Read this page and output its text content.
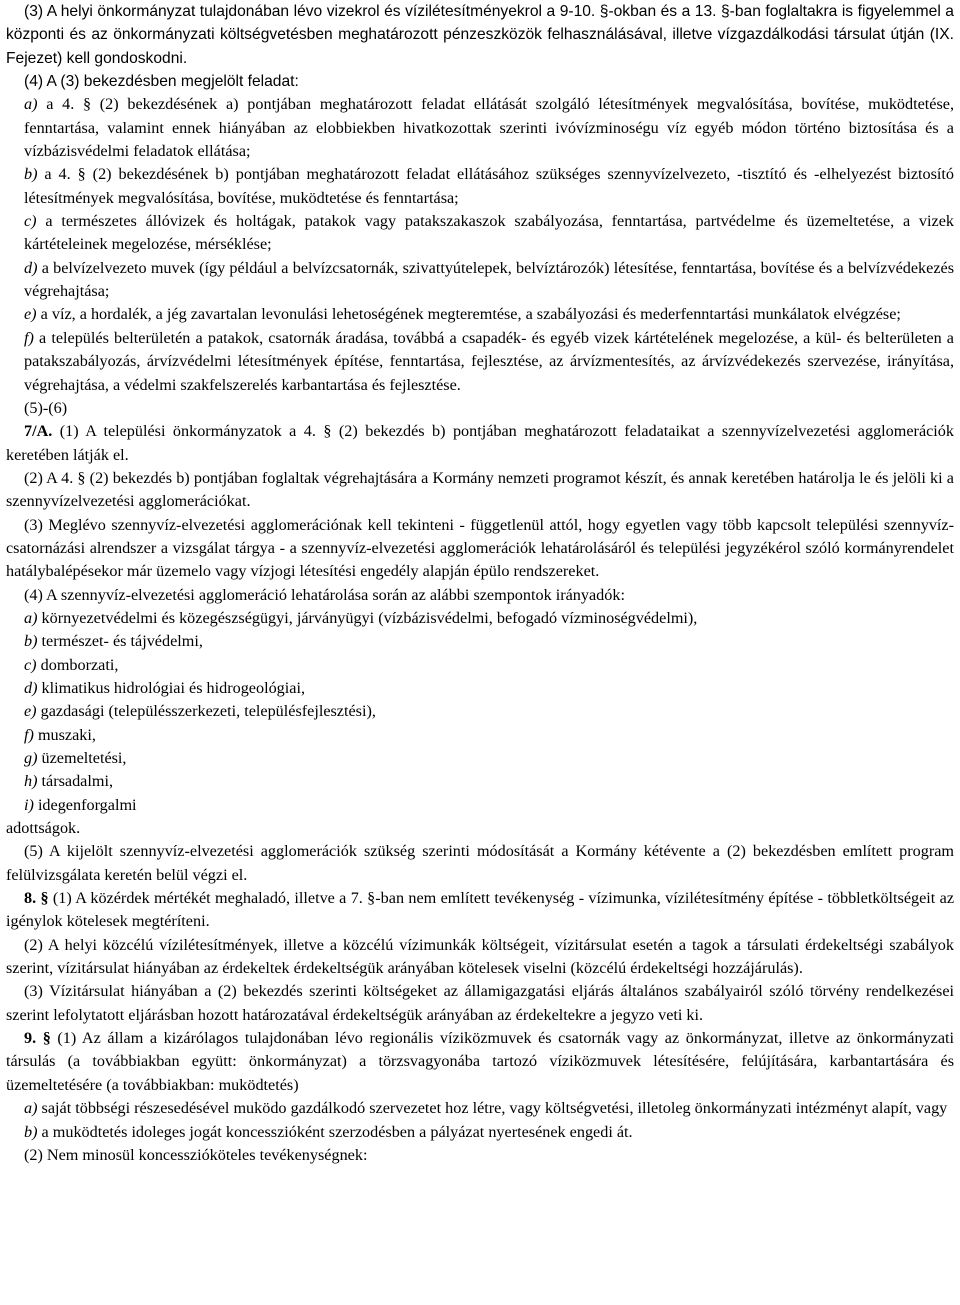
(3) A helyi önkormányzat tulajdonában lévo vizekrol és vízilétesítményekrol a 9-10. §-okban és a 13. §-ban foglaltakra is figyelemmel a központi és az önkormányzati költségvetésben meghatározott pénzeszközök felhasználásával, illetve vízgazdálkodási társulat útján (IX. Fejezet) kell gondoskodni.

(4) A (3) bekezdésben megjelölt feladat:

a) a 4. § (2) bekezdésének a) pontjában meghatározott feladat ellátását szolgáló létesítmények megvalósítása, bovítése, muködtetése, fenntartása, valamint ennek hiányában az elobbiekben hivatkozottak szerinti ivóvízminoségu víz egyéb módon történo biztosítása és a vízbázisvédelmi feladatok ellátása;

b) a 4. § (2) bekezdésének b) pontjában meghatározott feladat ellátásához szükséges szennyvízelvezeto, -tisztító és -elhelyezést biztosító létesítmények megvalósítása, bovítése, muködtetése és fenntartása;

c) a természetes állóvizek és holtágak, patakok vagy patakszakaszok szabályozása, fenntartása, partvédelme és üzemeltetése, a vizek kártételeinek megelozése, mérséklése;

d) a belvízelvezeto muvek (így például a belvízcsatornák, szivattyútelepek, belvíztározók) létesítése, fenntartása, bovítése és a belvízvédekezés végrehajtása;

e) a víz, a hordalék, a jég zavartalan levonulási lehetoségének megteremtése, a szabályozási és mederfenntartási munkálatok elvégzése;

f) a település belterületén a patakok, csatornák áradása, továbbá a csapadék- és egyéb vizek kártételének megelozése, a kül- és belterületen a patakszabályozás, árvízvédelmi létesítmények építése, fenntartása, fejlesztése, az árvízmentesítés, az árvízvédekezés szervezése, irányítása, végrehajtása, a védelmi szakfelszerelés karbantartása és fejlesztése.

(5)-(6)

7/A. (1) A települési önkormányzatok a 4. § (2) bekezdés b) pontjában meghatározott feladataikat a szennyvízelvezetési agglomerációk keretében látják el.

(2) A 4. § (2) bekezdés b) pontjában foglaltak végrehajtására a Kormány nemzeti programot készít, és annak keretében határolja le és jelöli ki a szennyvízelvezetési agglomerációkat.

(3) Meglévo szennyvíz-elvezetési agglomerációnak kell tekinteni - függetlenül attól, hogy egyetlen vagy több kapcsolt települési szennyvíz-csatornázási alrendszer a vizsgálat tárgya - a szennyvíz-elvezetési agglomerációk lehatárolásáról és települési jegyzékérol szóló kormányrendelet hatálybalépésekor már üzemelo vagy vízjogi létesítési engedély alapján épülo rendszereket.

(4) A szennyvíz-elvezetési agglomeráció lehatárolása során az alábbi szempontok irányadók:

a) környezetvédelmi és közegészségügyi, járványügyi (vízbázisvédelmi, befogadó vízminoségvédelmi),

b) természet- és tájvédelmi,

c) domborzati,

d) klimatikus hidrológiai és hidrogeológiai,

e) gazdasági (településszerkezeti, településfejlesztési),

f) muszaki,

g) üzemeltetési,

h) társadalmi,

i) idegenforgalmi

adottságok.

(5) A kijelölt szennyvíz-elvezetési agglomerációk szükség szerinti módosítását a Kormány kétévente a (2) bekezdésben említett program felülvizsgálata keretén belül végzi el.

8. § (1) A közérdek mértékét meghaladó, illetve a 7. §-ban nem említett tevékenység - vízimunka, vízilétesítmény építése - többletköltségeit az igénylok kötelesek megtéríteni.

(2) A helyi közcélú vízilétesítmények, illetve a közcélú vízimunkák költségeit, vízitársulat esetén a tagok a társulati érdekeltségi szabályok szerint, vízitársulat hiányában az érdekeltek érdekeltségük arányában kötelesek viselni (közcélú érdekeltségi hozzájárulás).

(3) Vízitársulat hiányában a (2) bekezdés szerinti költségeket az államigazgatási eljárás általános szabályairól szóló törvény rendelkezései szerint lefolytatott eljárásban hozott határozatával érdekeltségük arányában az érdekeltekre a jegyzo veti ki.

9. § (1) Az állam a kizárólagos tulajdonában lévo regionális víziközmuvek és csatornák vagy az önkormányzat, illetve az önkormányzati társulás (a továbbiakban együtt: önkormányzat) a törzsvagyonába tartozó víziközmuvek létesítésére, felújítására, karbantartására és üzemeltetésére (a továbbiakban: muködtetés)

a) saját többségi részesedésével muködo gazdálkodó szervezetet hoz létre, vagy költségvetési, illetoleg önkormányzati intézményt alapít, vagy

b) a muködtetés idoleges jogát koncesszióként szerzodésben a pályázat nyertesének engedi át.

(2) Nem minosül koncesszióköteles tevékenységnek:
